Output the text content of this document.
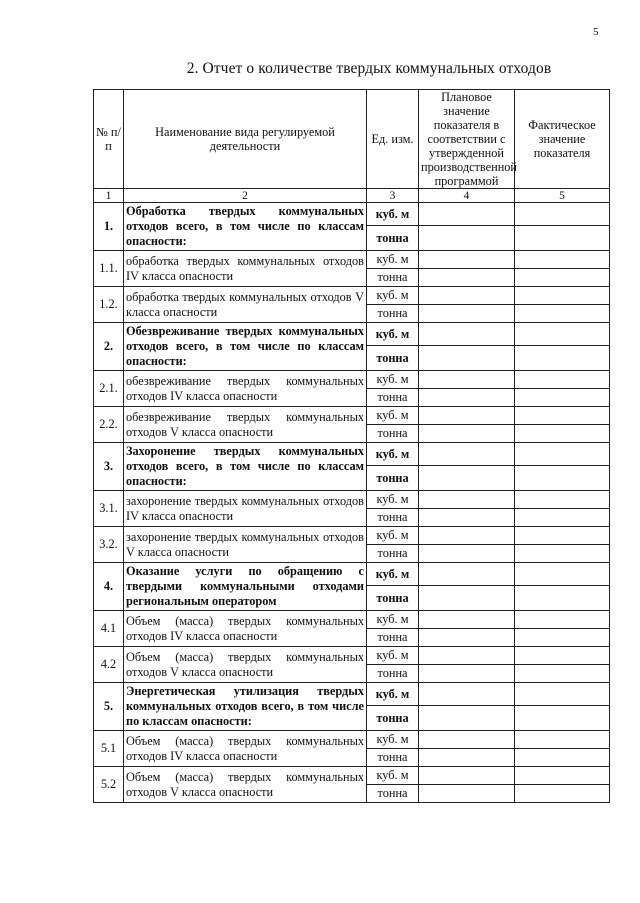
5
2. Отчет о количестве твердых коммунальных отходов
№ п/п	Наименование вида регулируемой деятельности	Ед. изм.	Плановое значение показателя в соответствии с утвержденной производственной программой	Фактическое значение показателя
1	2	3	4	5
1.	Обработка твердых коммунальных отходов всего, в том числе по классам опасности:	куб. м		
		тонна		
1.1.	обработка твердых коммунальных отходов IV класса опасности	куб. м		
		тонна		
1.2.	обработка твердых коммунальных отходов V класса опасности	куб. м		
		тонна		
2.	Обезвреживание твердых коммунальных отходов всего, в том числе по классам опасности:	куб. м		
		тонна		
2.1.	обезвреживание твердых коммунальных отходов IV класса опасности	куб. м		
		тонна		
2.2.	обезвреживание твердых коммунальных отходов V класса опасности	куб. м		
		тонна		
3.	Захоронение твердых коммунальных отходов всего, в том числе по классам опасности:	куб. м		
		тонна		
3.1.	захоронение твердых коммунальных отходов IV класса опасности	куб. м		
		тонна		
3.2.	захоронение твердых коммунальных отходов V класса опасности	куб. м		
		тонна		
4.	Оказание услуги по обращению с твердыми коммунальными отходами региональным оператором	куб. м		
		тонна		
4.1	Объем (масса) твердых коммунальных отходов IV класса опасности	куб. м		
		тонна		
4.2	Объем (масса) твердых коммунальных отходов V класса опасности	куб. м		
		тонна		
5.	Энергетическая утилизация твердых коммунальных отходов всего, в том числе по классам опасности:	куб. м		
		тонна		
5.1	Объем (масса) твердых коммунальных отходов IV класса опасности	куб. м		
		тонна		
5.2	Объем (масса) твердых коммунальных отходов V класса опасности	куб. м		
		тонна		
